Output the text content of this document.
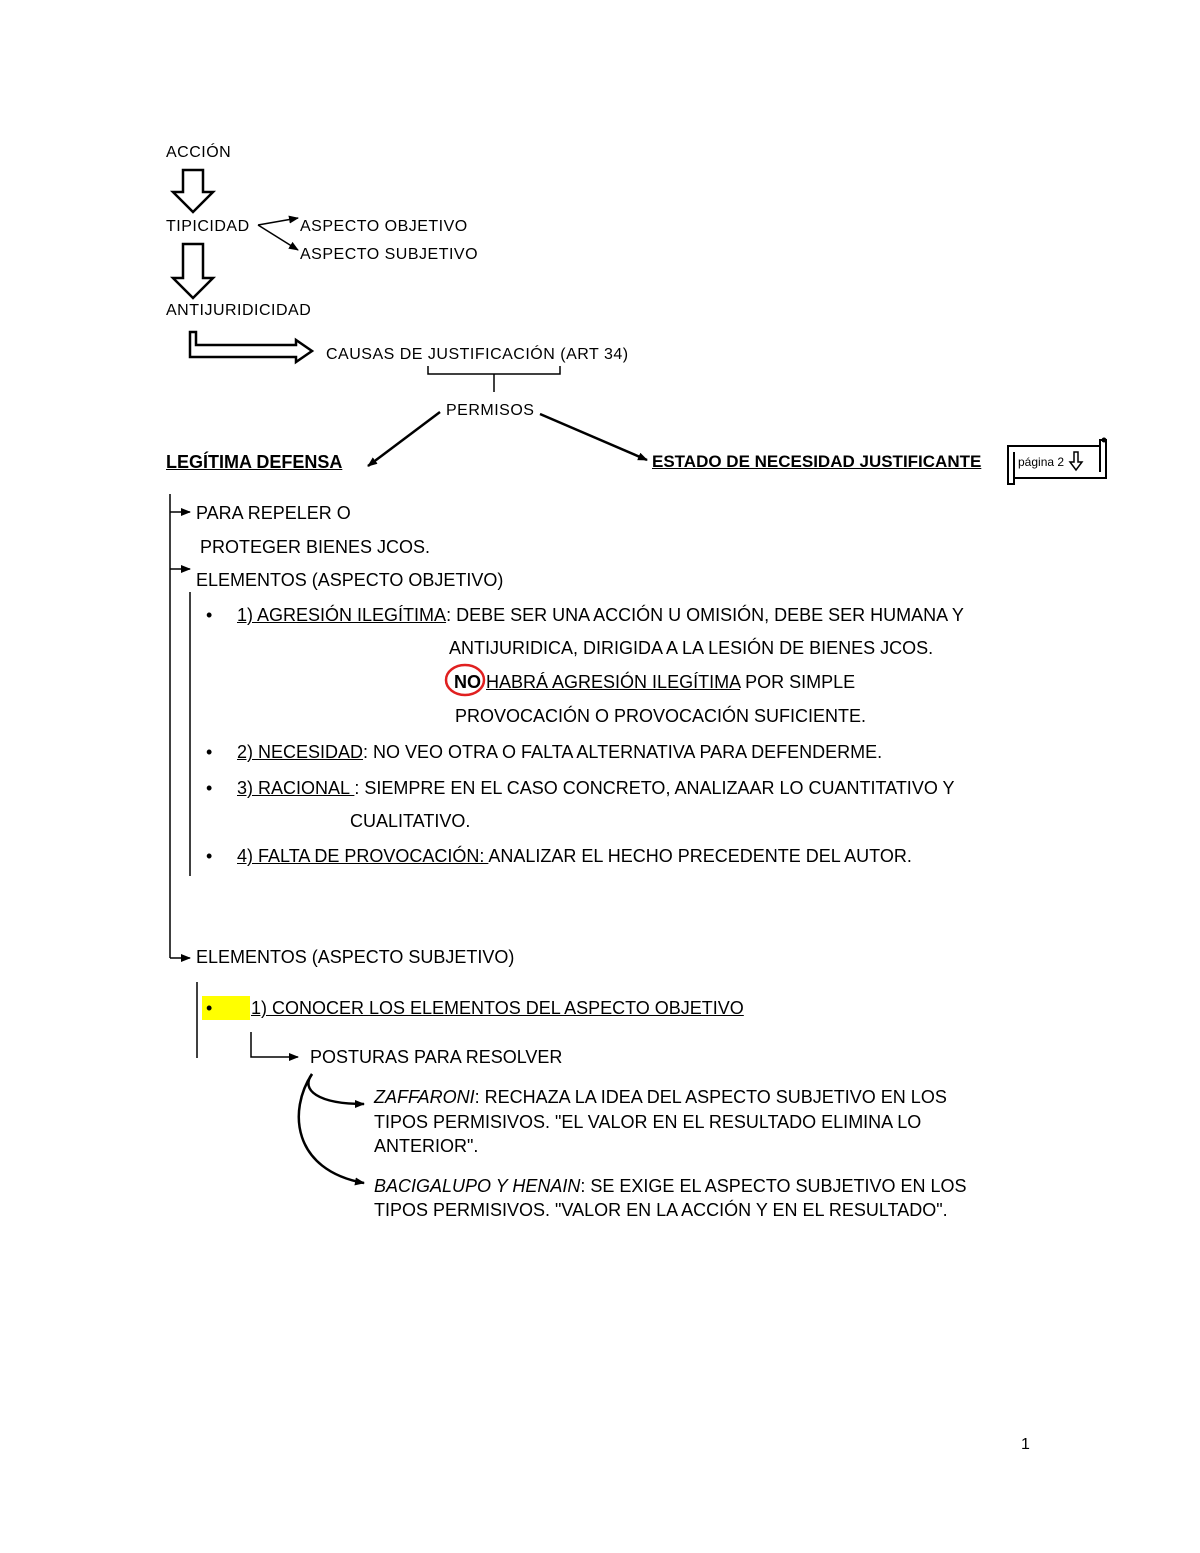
ACCIÓN
TIPICIDAD	ASPECTO OBJETIVO
ASPECTO SUBJETIVO
ANTIJURIDICIDAD
CAUSAS DE JUSTIFICACIÓN (ART 34)
PERMISOS
LEGÍTIMA DEFENSA	ESTADO DE NECESIDAD JUSTIFICANTE	página 2
PARA REPELER O
PROTEGER BIENES JCOS.
ELEMENTOS (ASPECTO OBJETIVO)
• 1) AGRESIÓN ILEGÍTIMA: DEBE SER UNA ACCIÓN U OMISIÓN, DEBE SER HUMANA Y
ANTIJURIDICA, DIRIGIDA A LA LESIÓN DE BIENES JCOS.
NO HABRÁ AGRESIÓN ILEGÍTIMA POR SIMPLE
PROVOCACIÓN O PROVOCACIÓN SUFICIENTE.
• 2) NECESIDAD: NO VEO OTRA O FALTA ALTERNATIVA PARA DEFENDERME.
• 3) RACIONAL : SIEMPRE EN EL CASO CONCRETO, ANALIZAAR LO CUANTITATIVO Y
CUALITATIVO.
• 4) FALTA DE PROVOCACIÓN: ANALIZAR EL HECHO PRECEDENTE DEL AUTOR.
ELEMENTOS (ASPECTO SUBJETIVO)
• 1) CONOCER LOS ELEMENTOS DEL ASPECTO OBJETIVO
POSTURAS PARA RESOLVER
ZAFFARONI: RECHAZA LA IDEA DEL ASPECTO SUBJETIVO EN LOS
TIPOS PERMISIVOS. "EL VALOR EN EL RESULTADO ELIMINA LO
ANTERIOR".
BACIGALUPO Y HENAIN: SE EXIGE EL ASPECTO SUBJETIVO EN LOS
TIPOS PERMISIVOS. "VALOR EN LA ACCIÓN Y EN EL RESULTADO".
1
